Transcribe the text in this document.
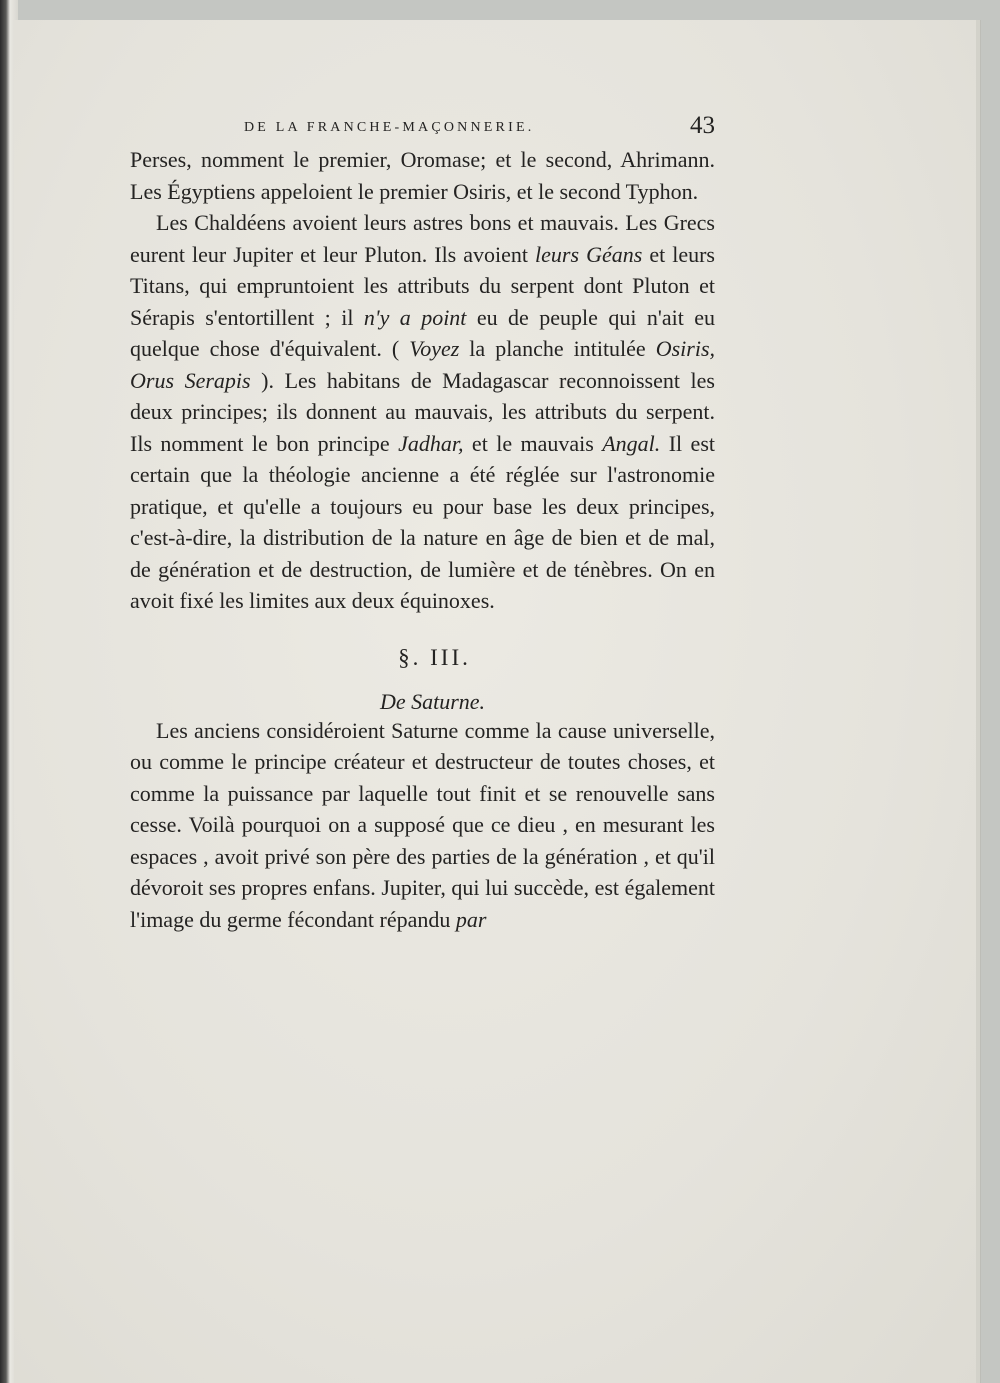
DE LA FRANCHE-MAÇONNERIE.	43

Perses, nomment le premier, Oromase; et le second, Ahrimann. Les Égyptiens appeloient le premier Osiris, et le second Typhon.

Les Chaldéens avoient leurs astres bons et mauvais. Les Grecs eurent leur Jupiter et leur Pluton. Ils avoient leurs Géans et leurs Titans, qui empruntoient les attributs du serpent dont Pluton et Sérapis s'entortillent ; il n'y a point eu de peuple qui n'ait eu quelque chose d'équivalent. ( Voyez la planche intitulée Osiris, Orus Serapis ). Les habitans de Madagascar reconnoissent les deux principes; ils donnent au mauvais, les attributs du serpent. Ils nomment le bon principe Jadhar, et le mauvais Angal. Il est certain que la théologie ancienne a été réglée sur l'astronomie pratique, et qu'elle a toujours eu pour base les deux principes, c'est-à-dire, la distribution de la nature en âge de bien et de mal, de génération et de destruction, de lumière et de ténèbres. On en avoit fixé les limites aux deux équinoxes.

§. III.
De Saturne.

Les anciens considéroient Saturne comme la cause universelle, ou comme le principe créateur et destructeur de toutes choses, et comme la puissance par laquelle tout finit et se renouvelle sans cesse. Voilà pourquoi on a supposé que ce dieu , en mesurant les espaces , avoit privé son père des parties de la génération , et qu'il dévoroit ses propres enfans. Jupiter, qui lui succède, est également l'image du germe fécondant répandu par
